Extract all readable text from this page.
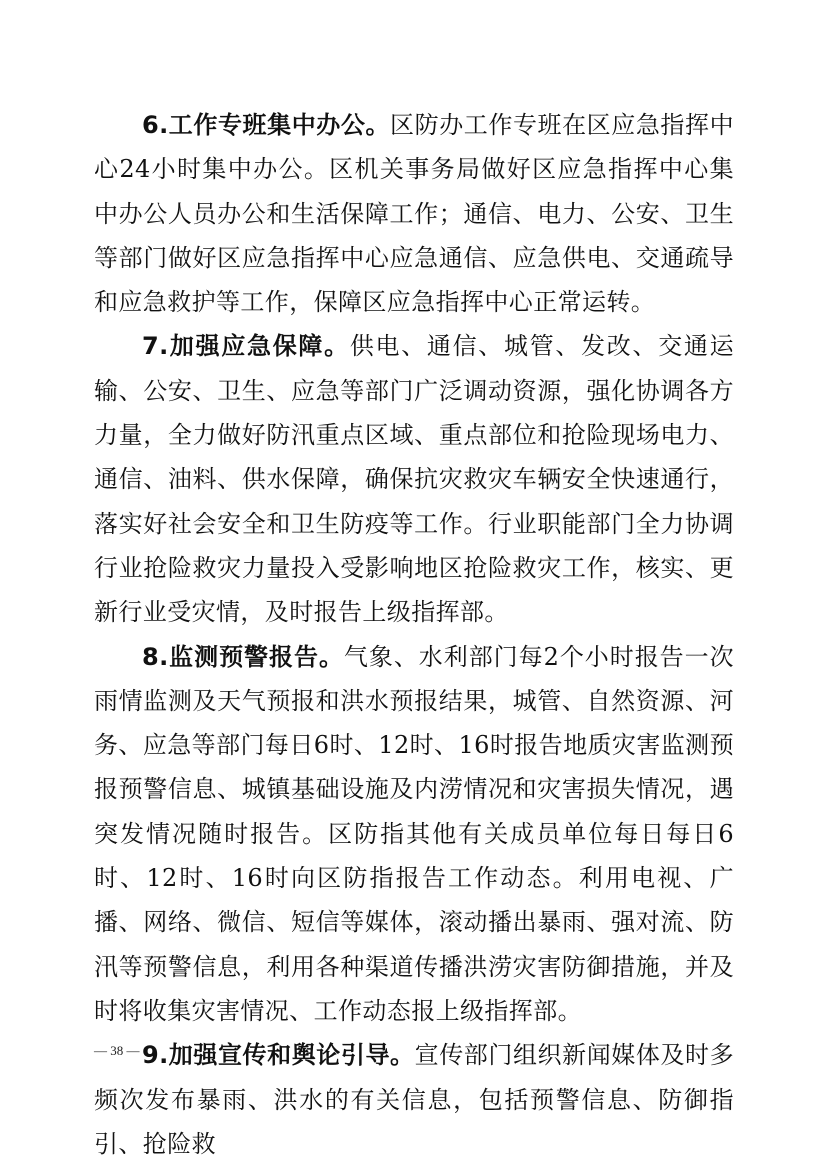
6.工作专班集中办公。区防办工作专班在区应急指挥中心24小时集中办公。区机关事务局做好区应急指挥中心集中办公人员办公和生活保障工作；通信、电力、公安、卫生等部门做好区应急指挥中心应急通信、应急供电、交通疏导和应急救护等工作，保障区应急指挥中心正常运转。

7.加强应急保障。供电、通信、城管、发改、交通运输、公安、卫生、应急等部门广泛调动资源，强化协调各方力量，全力做好防汛重点区域、重点部位和抢险现场电力、通信、油料、供水保障，确保抗灾救灾车辆安全快速通行，落实好社会安全和卫生防疫等工作。行业职能部门全力协调行业抢险救灾力量投入受影响地区抢险救灾工作，核实、更新行业受灾情，及时报告上级指挥部。

8.监测预警报告。气象、水利部门每2个小时报告一次雨情监测及天气预报和洪水预报结果，城管、自然资源、河务、应急等部门每日6时、12时、16时报告地质灾害监测预报预警信息、城镇基础设施及内涝情况和灾害损失情况，遇突发情况随时报告。区防指其他有关成员单位每日每日6时、12时、16时向区防指报告工作动态。利用电视、广播、网络、微信、短信等媒体，滚动播出暴雨、强对流、防汛等预警信息，利用各种渠道传播洪涝灾害防御措施，并及时将收集灾害情况、工作动态报上级指挥部。

9.加强宣传和舆论引导。宣传部门组织新闻媒体及时多频次发布暴雨、洪水的有关信息，包括预警信息、防御指引、抢险救

— 38 —
